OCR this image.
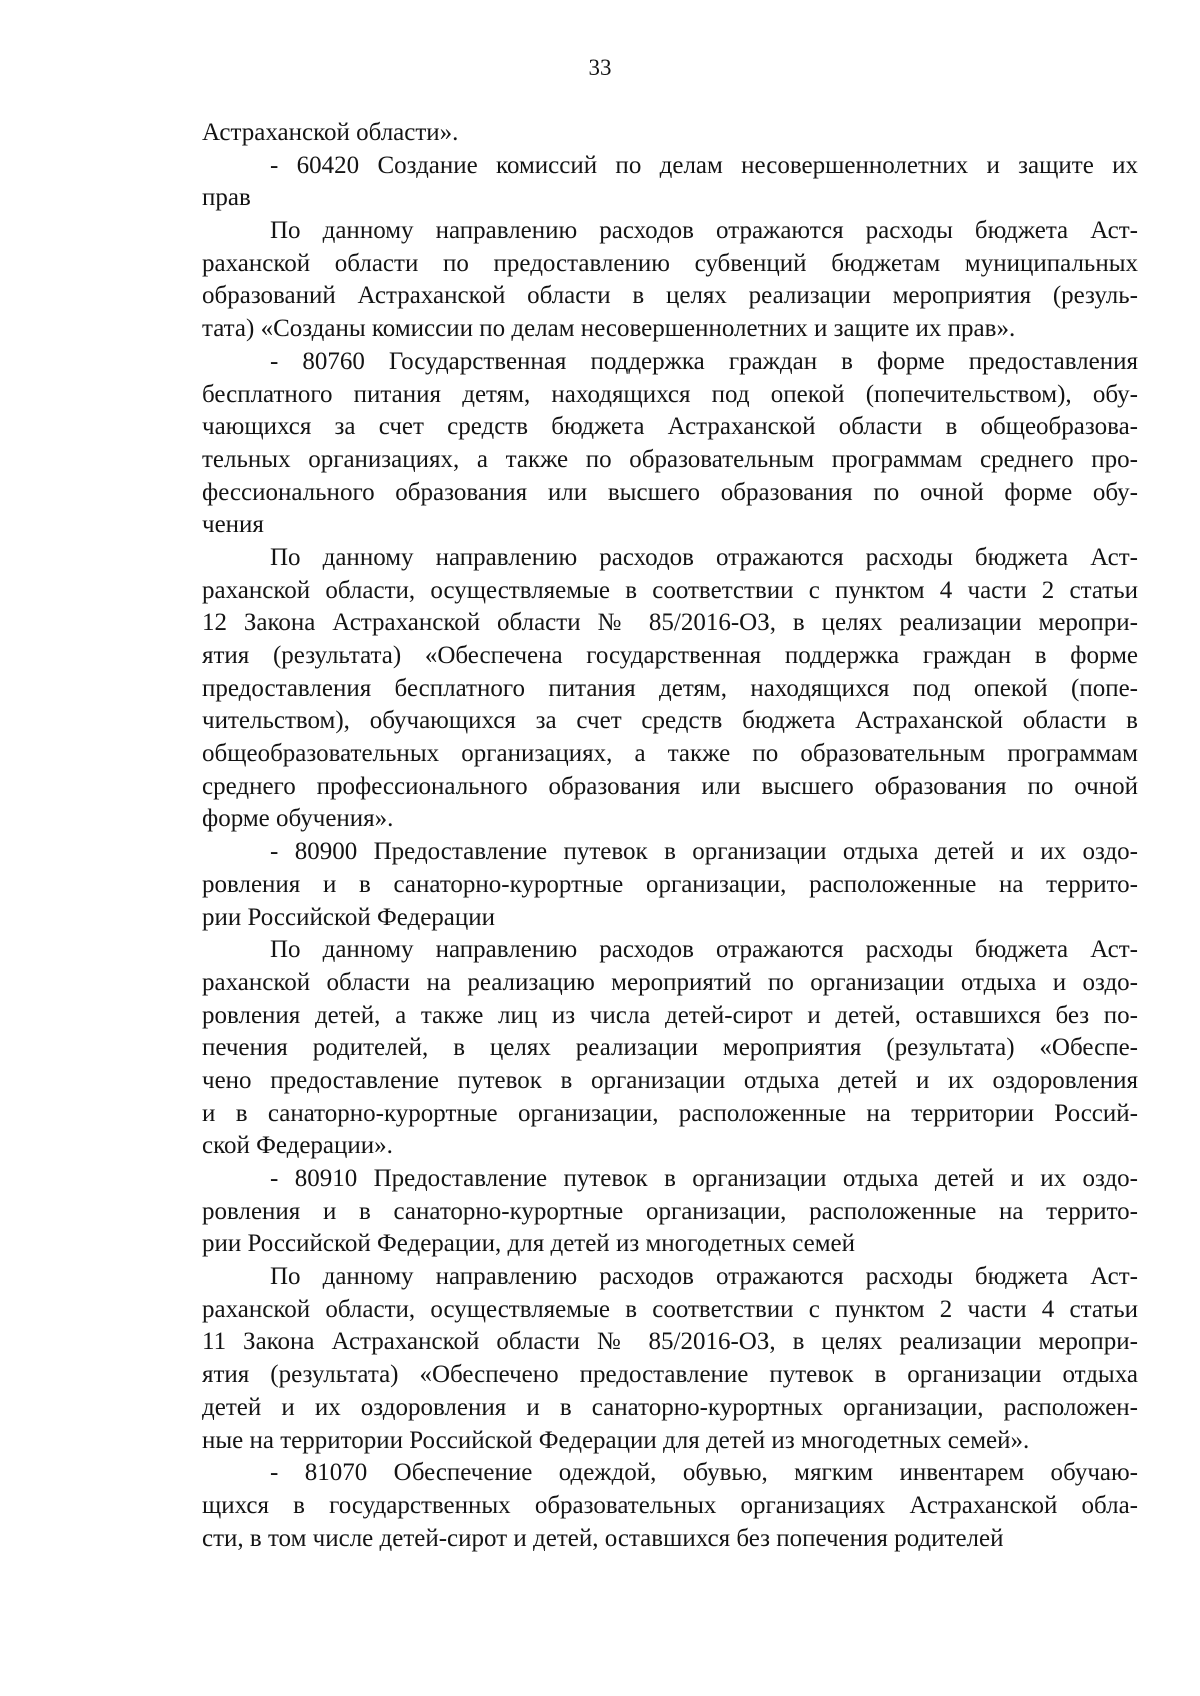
33
Астраханской области».
- 60420 Создание комиссий по делам несовершеннолетних и защите их
прав
По данному направлению расходов отражаются расходы бюджета Аст-
раханской области по предоставлению субвенций бюджетам муниципальных
образований Астраханской области в целях реализации мероприятия (резуль-
тата) «Созданы комиссии по делам несовершеннолетних и защите их прав».
- 80760 Государственная поддержка граждан в форме предоставления
бесплатного питания детям, находящихся под опекой (попечительством), обу-
чающихся за счет средств бюджета Астраханской области в общеобразова-
тельных организациях, а также по образовательным программам среднего про-
фессионального образования или высшего образования по очной форме обу-
чения
По данному направлению расходов отражаются расходы бюджета Аст-
раханской области, осуществляемые в соответствии с пунктом 4 части 2 статьи
12 Закона Астраханской области № 85/2016-ОЗ, в целях реализации меропри-
ятия (результата) «Обеспечена государственная поддержка граждан в форме
предоставления бесплатного питания детям, находящихся под опекой (попе-
чительством), обучающихся за счет средств бюджета Астраханской области в
общеобразовательных организациях, а также по образовательным программам
среднего профессионального образования или высшего образования по очной
форме обучения».
- 80900 Предоставление путевок в организации отдыха детей и их оздо-
ровления и в санаторно-курортные организации, расположенные на террито-
рии Российской Федерации
По данному направлению расходов отражаются расходы бюджета Аст-
раханской области на реализацию мероприятий по организации отдыха и оздо-
ровления детей, а также лиц из числа детей-сирот и детей, оставшихся без по-
печения родителей, в целях реализации мероприятия (результата) «Обеспе-
чено предоставление путевок в организации отдыха детей и их оздоровления
и в санаторно-курортные организации, расположенные на территории Россий-
ской Федерации».
- 80910 Предоставление путевок в организации отдыха детей и их оздо-
ровления и в санаторно-курортные организации, расположенные на террито-
рии Российской Федерации, для детей из многодетных семей
По данному направлению расходов отражаются расходы бюджета Аст-
раханской области, осуществляемые в соответствии с пунктом 2 части 4 статьи
11 Закона Астраханской области № 85/2016-ОЗ, в целях реализации меропри-
ятия (результата) «Обеспечено предоставление путевок в организации отдыха
детей и их оздоровления и в санаторно-курортных организации, расположен-
ные на территории Российской Федерации для детей из многодетных семей».
- 81070 Обеспечение одеждой, обувью, мягким инвентарем обучаю-
щихся в государственных образовательных организациях Астраханской обла-
сти, в том числе детей-сирот и детей, оставшихся без попечения родителей
